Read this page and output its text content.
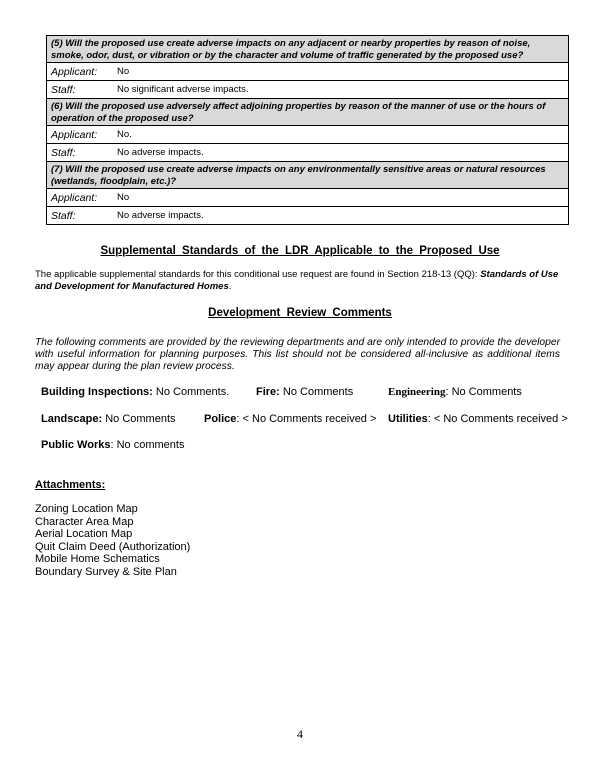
(5) Will the proposed use create adverse impacts on any adjacent or nearby properties by reason of noise, smoke, odor, dust, or vibration or by the character and volume of traffic generated by the proposed use?	
Applicant:	No
Staff:	No significant adverse impacts.
(6) Will the proposed use adversely affect adjoining properties by reason of the manner of use or the hours of operation of the proposed use?	
Applicant:	No.
Staff:	No adverse impacts.
(7) Will the proposed use create adverse impacts on any environmentally sensitive areas or natural resources (wetlands, floodplain, etc.)?	
Applicant:	No
Staff:	No adverse impacts.
Supplemental Standards of the LDR Applicable to the Proposed Use
The applicable supplemental standards for this conditional use request are found in Section 218-13 (QQ): Standards of Use and Development for Manufactured Homes.
Development Review Comments
The following comments are provided by the reviewing departments and are only intended to provide the developer with useful information for planning purposes. This list should not be considered all-inclusive as additional items may appear during the plan review process.
Building Inspections: No Comments. Fire: No Comments	Engineering: No Comments
Landscape: No Comments	Police: < No Comments received > Utilities: < No Comments received >
Public Works: No comments
Attachments:
Zoning Location Map
Character Area Map
Aerial Location Map
Quit Claim Deed (Authorization)
Mobile Home Schematics
Boundary Survey & Site Plan
4
